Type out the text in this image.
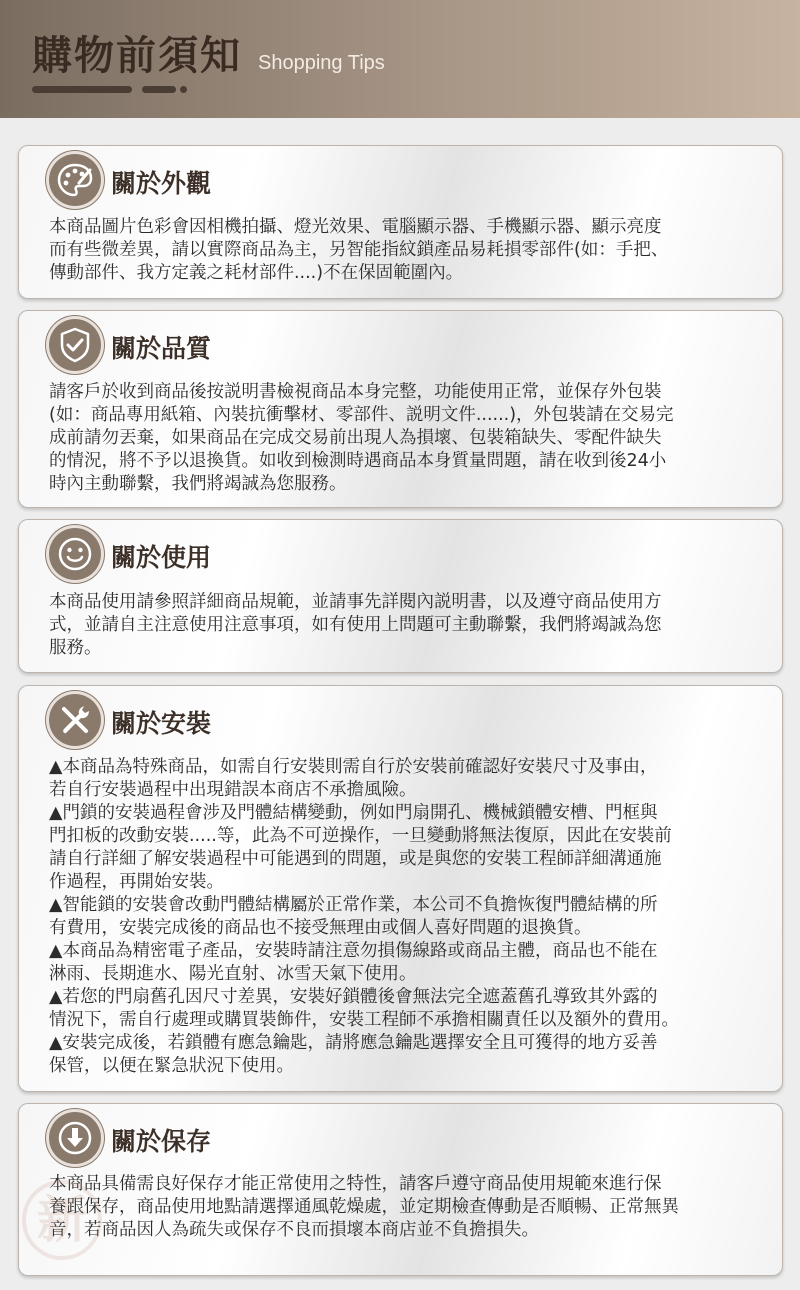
購物前須知 Shopping Tips
關於外觀
本商品圖片色彩會因相機拍攝、燈光效果、電腦顯示器、手機顯示器、顯示亮度
而有些微差異，請以實際商品為主，另智能指紋鎖產品易耗損零部件(如：手把、
傳動部件、我方定義之耗材部件....)不在保固範圍內。
關於品質
請客戶於收到商品後按説明書檢視商品本身完整，功能使用正常，並保存外包裝
(如：商品專用紙箱、內裝抗衝擊材、零部件、説明文件......)，外包裝請在交易完
成前請勿丟棄，如果商品在完成交易前出現人為損壞、包裝箱缺失、零配件缺失
的情況，將不予以退換貨。如收到檢測時遇商品本身質量問題，請在收到後24小
時內主動聯繫，我們將竭誠為您服務。
關於使用
本商品使用請參照詳細商品規範，並請事先詳閱內説明書，以及遵守商品使用方
式，並請自主注意使用注意事項，如有使用上問題可主動聯繫，我們將竭誠為您
服務。
關於安裝
▲本商品為特殊商品，如需自行安裝則需自行於安裝前確認好安裝尺寸及事由，
若自行安裝過程中出現錯誤本商店不承擔風險。
▲門鎖的安裝過程會涉及門體結構變動，例如門扇開孔、機械鎖體安槽、門框與
門扣板的改動安裝.....等，此為不可逆操作，一旦變動將無法復原，因此在安裝前
請自行詳細了解安裝過程中可能遇到的問題，或是與您的安裝工程師詳細溝通施
作過程，再開始安裝。
▲智能鎖的安裝會改動門體結構屬於正常作業，本公司不負擔恢復門體結構的所
有費用，安裝完成後的商品也不接受無理由或個人喜好問題的退換貨。
▲本商品為精密電子產品，安裝時請注意勿損傷線路或商品主體，商品也不能在
淋雨、長期進水、陽光直射、冰雪天氣下使用。
▲若您的門扇舊孔因尺寸差異，安裝好鎖體後會無法完全遮蓋舊孔導致其外露的
情況下，需自行處理或購買裝飾件，安裝工程師不承擔相關責任以及額外的費用。
▲安裝完成後，若鎖體有應急鑰匙，請將應急鑰匙選擇安全且可獲得的地方妥善
保管，以便在緊急狀況下使用。
關於保存
本商品具備需良好保存才能正常使用之特性，請客戶遵守商品使用規範來進行保
養跟保存，商品使用地點請選擇通風乾燥處，並定期檢查傳動是否順暢、正常無異
音，若商品因人為疏失或保存不良而損壞本商店並不負擔損失。
新
